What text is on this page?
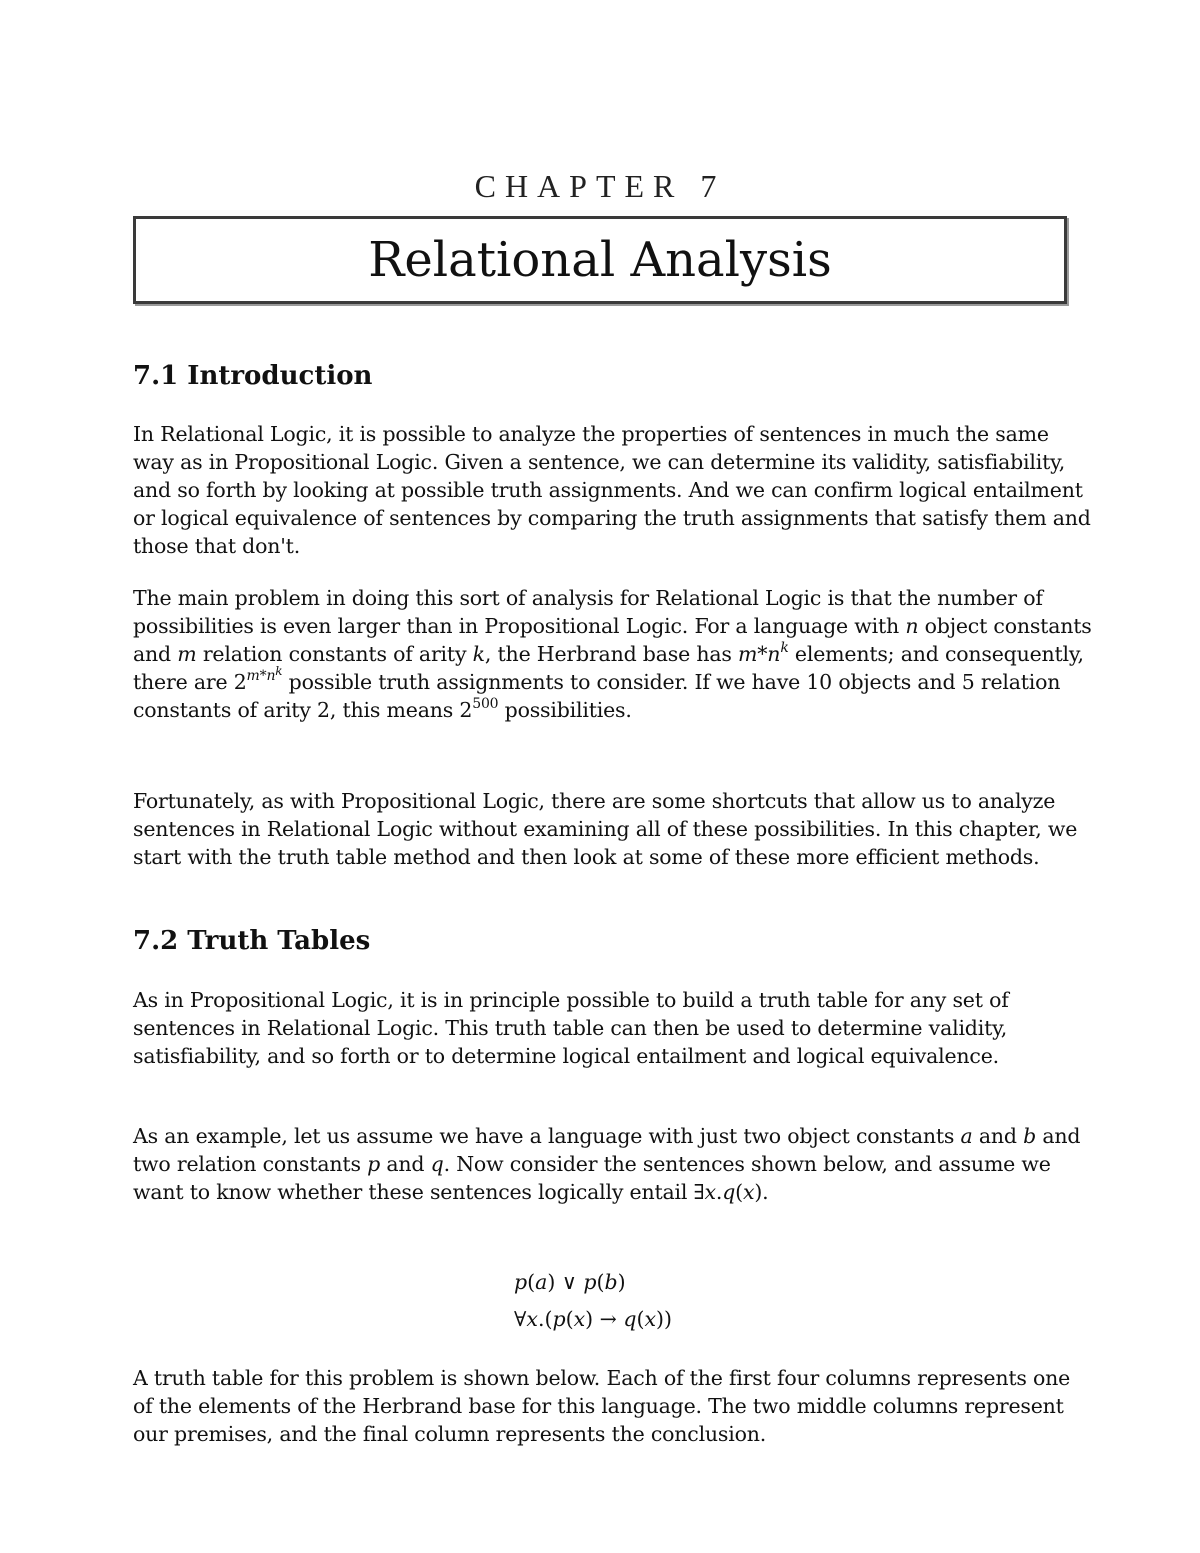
CHAPTER 7
Relational Analysis
7.1 Introduction

In Relational Logic, it is possible to analyze the properties of sentences in much the same way as in Propositional Logic. Given a sentence, we can determine its validity, satisfiability, and so forth by looking at possible truth assignments. And we can confirm logical entailment or logical equivalence of sentences by comparing the truth assignments that satisfy them and those that don't.

The main problem in doing this sort of analysis for Relational Logic is that the number of possibilities is even larger than in Propositional Logic. For a language with n object constants and m relation constants of arity k, the Herbrand base has $m*n^k$ elements; and consequently, there are $2^{m*n^k}$ possible truth assignments to consider. If we have 10 objects and 5 relation constants of arity 2, this means $2^{500}$ possibilities.

Fortunately, as with Propositional Logic, there are some shortcuts that allow us to analyze sentences in Relational Logic without examining all of these possibilities. In this chapter, we start with the truth table method and then look at some of these more efficient methods.

7.2 Truth Tables

As in Propositional Logic, it is in principle possible to build a truth table for any set of sentences in Relational Logic. This truth table can then be used to determine validity, satisfiability, and so forth or to determine logical entailment and logical equivalence.

As an example, let us assume we have a language with just two object constants a and b and two relation constants p and q. Now consider the sentences shown below, and assume we want to know whether these sentences logically entail ∃x.q(x).

p(a) ∨ p(b)
∀x.(p(x) → q(x))

A truth table for this problem is shown below. Each of the first four columns represents one of the elements of the Herbrand base for this language. The two middle columns represent our premises, and the final column represents the conclusion.
